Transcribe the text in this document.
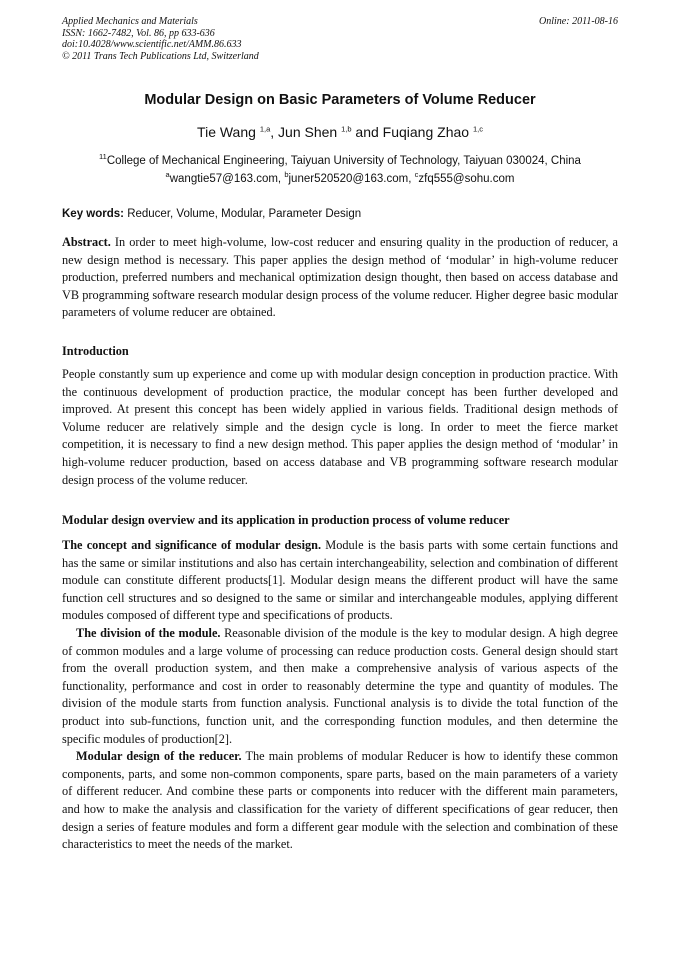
Applied Mechanics and Materials
ISSN: 1662-7482, Vol. 86, pp 633-636
doi:10.4028/www.scientific.net/AMM.86.633
© 2011 Trans Tech Publications Ltd, Switzerland
Online: 2011-08-16
Modular Design on Basic Parameters of Volume Reducer
Tie Wang $^{1,a}$, Jun Shen $^{1,b}$ and Fuqiang Zhao $^{1,c}$
$^{11}$College of Mechanical Engineering, Taiyuan University of Technology, Taiyuan 030024, China
$^a$wangtie57@163.com, $^b$juner520520@163.com, $^c$zfq555@sohu.com
Key words: Reducer, Volume, Modular, Parameter Design

Abstract. In order to meet high-volume, low-cost reducer and ensuring quality in the production of reducer, a new design method is necessary. This paper applies the design method of ‘modular’ in high-volume reducer production, preferred numbers and mechanical optimization design thought, then based on access database and VB programming software research modular design process of the volume reducer. Higher degree basic modular parameters of volume reducer are obtained.

Introduction

People constantly sum up experience and come up with modular design conception in production practice. With the continuous development of production practice, the modular concept has been further developed and improved. At present this concept has been widely applied in various fields. Traditional design methods of Volume reducer are relatively simple and the design cycle is long. In order to meet the fierce market competition, it is necessary to find a new design method. This paper applies the design method of ‘modular’ in high-volume reducer production, based on access database and VB programming software research modular design process of the volume reducer.

Modular design overview and its application in production process of volume reducer

The concept and significance of modular design. Module is the basis parts with some certain functions and has the same or similar institutions and also has certain interchangeability, selection and combination of different module can constitute different products[1]. Modular design means the different product will have the same function cell structures and so designed to the same or similar and interchangeable modules, applying different modules composed of different type and specifications of products.

The division of the module. Reasonable division of the module is the key to modular design. A high degree of common modules and a large volume of processing can reduce production costs. General design should start from the overall production system, and then make a comprehensive analysis of various aspects of the functionality, performance and cost in order to reasonably determine the type and quantity of modules. The division of the module starts from function analysis. Functional analysis is to divide the total function of the product into sub-functions, function unit, and the corresponding function modules, and then determine the specific modules of production[2].

Modular design of the reducer. The main problems of modular Reducer is how to identify these common components, parts, and some non-common components, spare parts, based on the main parameters of a variety of different reducer. And combine these parts or components into reducer with the different main parameters, and how to make the analysis and classification for the variety of different specifications of gear reducer, then design a series of feature modules and form a different gear module with the selection and combination of these characteristics to meet the needs of the market.
